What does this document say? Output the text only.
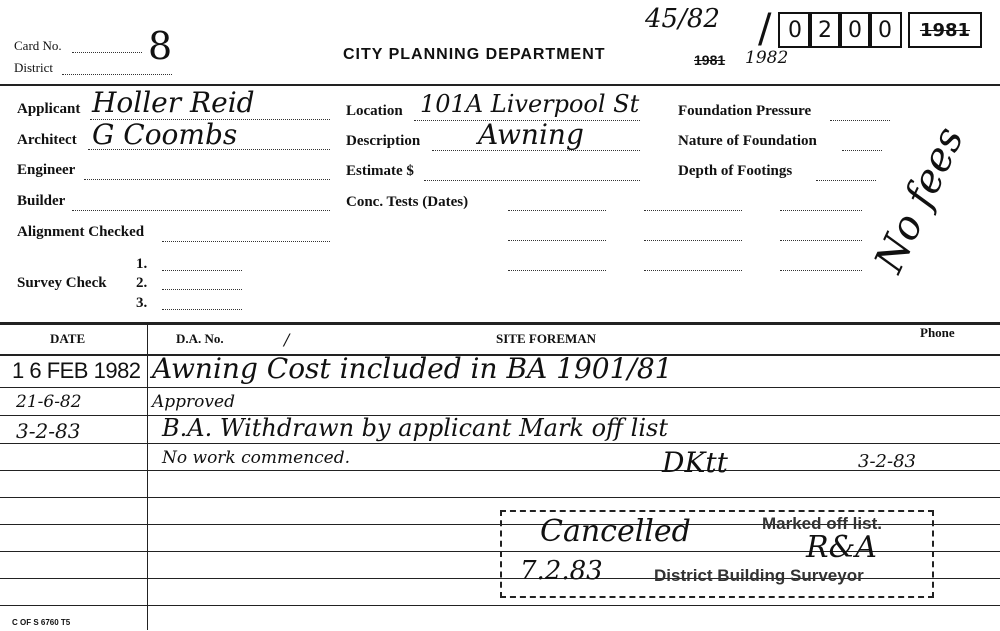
Card No. 8
District
CITY PLANNING DEPARTMENT
45/82 / 0 2 0 0	1981
1981 1982
Applicant Holler Reid
Architect G Coombs
Engineer
Builder
Alignment Checked
Survey Check
1.
2.
3.
Location 101A Liverpool St
Description Awning
Estimate $
Conc. Tests (Dates)
Foundation Pressure
Nature of Foundation
Depth of Footings No fees
DATE	D.A. No.	/	SITE FOREMAN	Phone
1 6 FEB 1982 Awning Cost included in BA 1901/81
21-6-82	Approved
3-2-83	B.A. Withdrawn by applicant Mark off list
No work commenced.	DKtt	3-2-83
Cancelled	Marked off list.
R&A
7.2.83	District Building Surveyor
C OF S 6760 T5
